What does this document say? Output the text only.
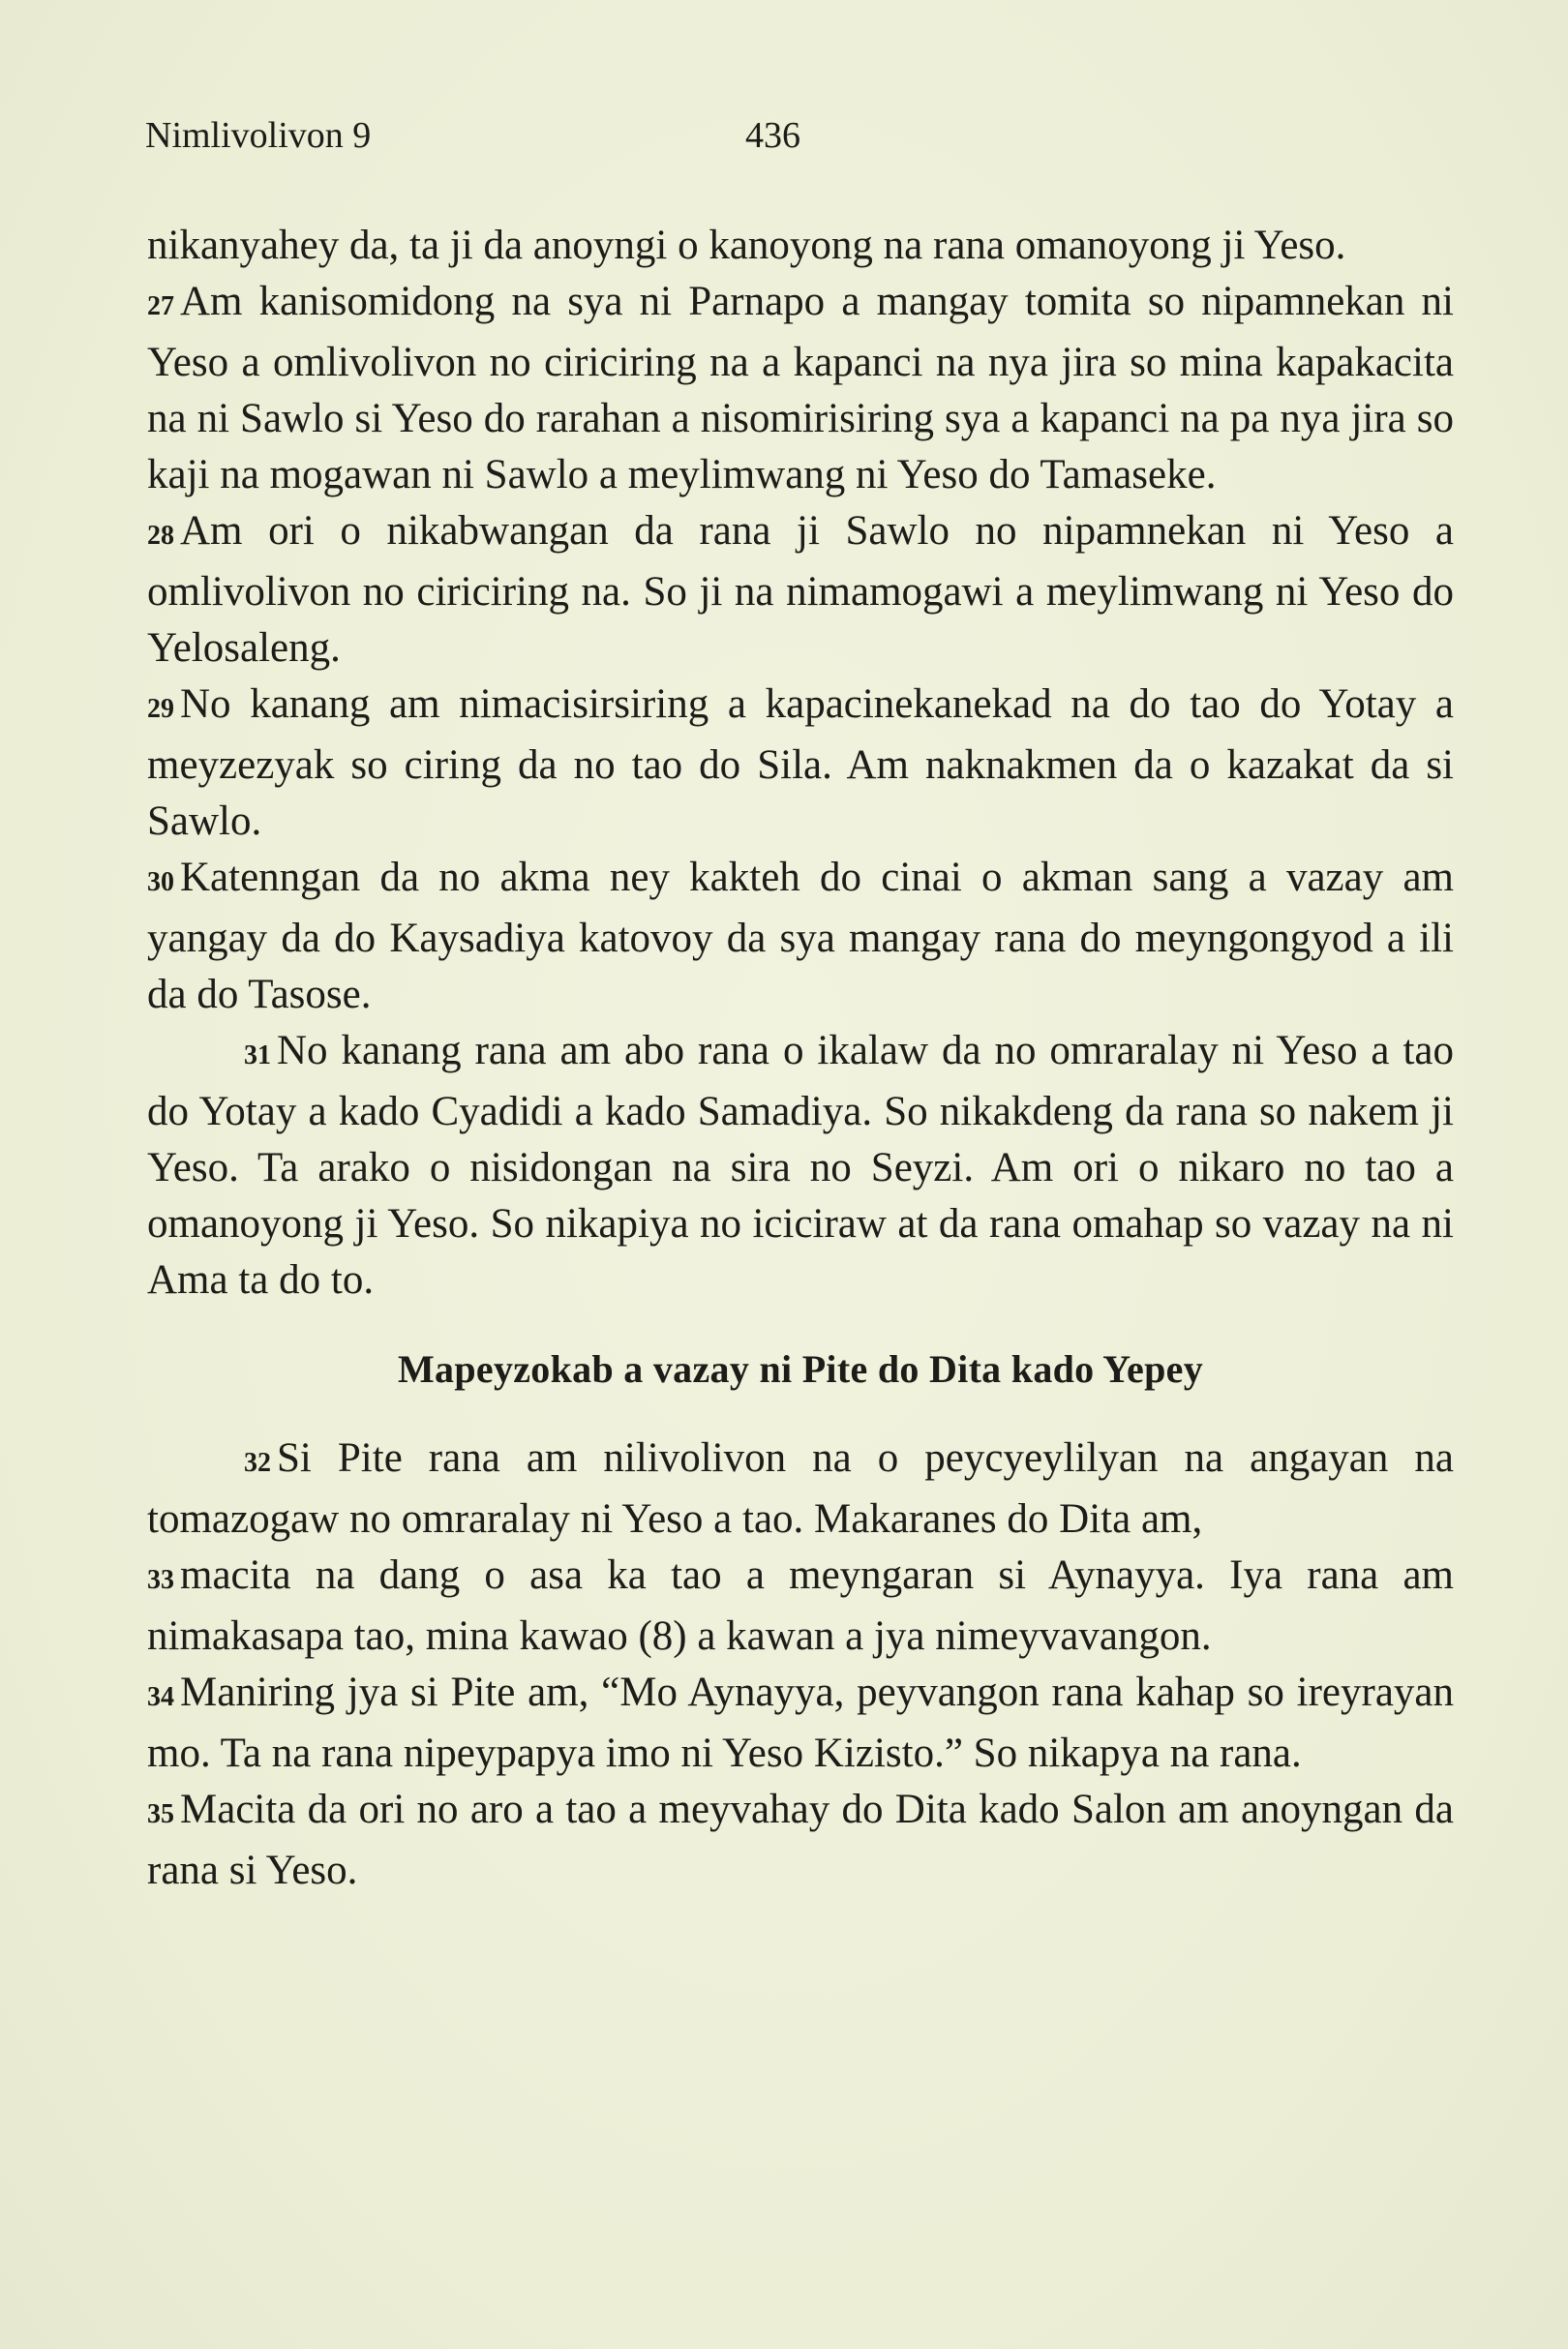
Nimlivolivon 9	436

nikanyahey da, ta ji da anoyngi o kanoyong na rana omanoyong ji Yeso.

27 Am kanisomidong na sya ni Parnapo a mangay tomita so nipamnekan ni Yeso a omlivolivon no ciriciring na a kapanci na nya jira so mina kapakacita na ni Sawlo si Yeso do rarahan a nisomirisiring sya a kapanci na pa nya jira so kaji na mogawan ni Sawlo a meylimwang ni Yeso do Tamaseke.

28 Am ori o nikabwangan da rana ji Sawlo no nipamnekan ni Yeso a omlivolivon no ciriciring na. So ji na nimamogawi a meylimwang ni Yeso do Yelosaleng.

29 No kanang am nimacisirsiring a kapacinekanekad na do tao do Yotay a meyzezyak so ciring da no tao do Sila. Am naknakmen da o kazakat da si Sawlo.

30 Katenngan da no akma ney kakteh do cinai o akman sang a vazay am yangay da do Kaysadiya katovoy da sya mangay rana do meyngongyod a ili da do Tasose.

31 No kanang rana am abo rana o ikalaw da no omraralay ni Yeso a tao do Yotay a kado Cyadidi a kado Samadiya. So nikakdeng da rana so nakem ji Yeso. Ta arako o nisidongan na sira no Seyzi. Am ori o nikaro no tao a omanoyong ji Yeso. So nikapiya no iciciraw at da rana omahap so vazay na ni Ama ta do to.

Mapeyzokab a vazay ni Pite do Dita kado Yepey

32 Si Pite rana am nilivolivon na o peycyeylilyan na angayan na tomazogaw no omraralay ni Yeso a tao. Makaranes do Dita am,

33 macita na dang o asa ka tao a meyngaran si Aynayya. Iya rana am nimakasapa tao, mina kawao (8) a kawan a jya nimeyvavangon.

34 Maniring jya si Pite am, “Mo Aynayya, peyvangon rana kahap so ireyrayan mo. Ta na rana nipeypapya imo ni Yeso Kizisto.” So nikapya na rana.

35 Macita da ori no aro a tao a meyvahay do Dita kado Salon am anoyngan da rana si Yeso.
